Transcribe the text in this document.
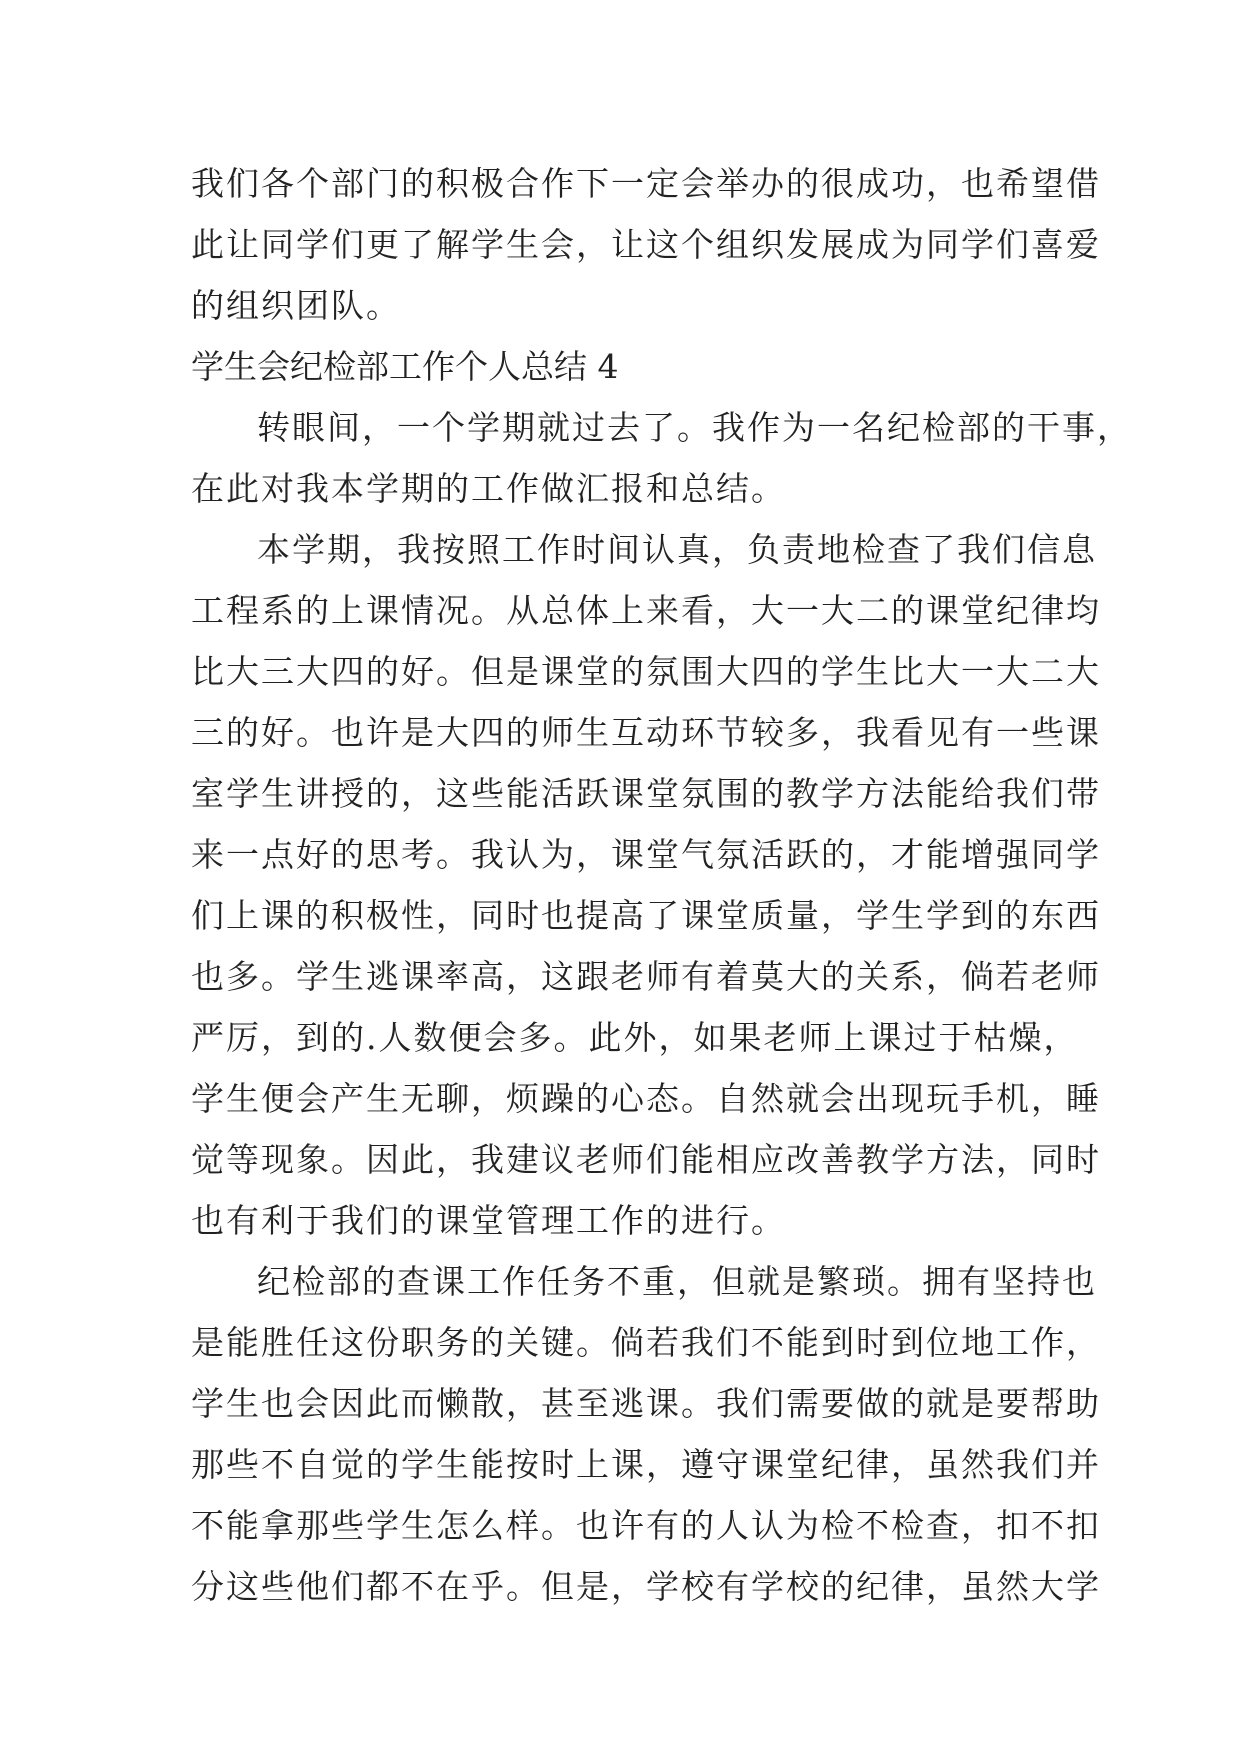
我们各个部门的积极合作下一定会举办的很成功，也希望借
此让同学们更了解学生会，让这个组织发展成为同学们喜爱
的组织团队。
学生会纪检部工作个人总结 4
转眼间，一个学期就过去了。我作为一名纪检部的干事，
在此对我本学期的工作做汇报和总结。
本学期，我按照工作时间认真，负责地检查了我们信息
工程系的上课情况。从总体上来看，大一大二的课堂纪律均
比大三大四的好。但是课堂的氛围大四的学生比大一大二大
三的好。也许是大四的师生互动环节较多，我看见有一些课
室学生讲授的，这些能活跃课堂氛围的教学方法能给我们带
来一点好的思考。我认为，课堂气氛活跃的，才能增强同学
们上课的积极性，同时也提高了课堂质量，学生学到的东西
也多。学生逃课率高，这跟老师有着莫大的关系，倘若老师
严厉，到的.人数便会多。此外，如果老师上课过于枯燥，
学生便会产生无聊，烦躁的心态。自然就会出现玩手机，睡
觉等现象。因此，我建议老师们能相应改善教学方法，同时
也有利于我们的课堂管理工作的进行。
纪检部的查课工作任务不重，但就是繁琐。拥有坚持也
是能胜任这份职务的关键。倘若我们不能到时到位地工作，
学生也会因此而懒散，甚至逃课。我们需要做的就是要帮助
那些不自觉的学生能按时上课，遵守课堂纪律，虽然我们并
不能拿那些学生怎么样。也许有的人认为检不检查，扣不扣
分这些他们都不在乎。但是，学校有学校的纪律，虽然大学
